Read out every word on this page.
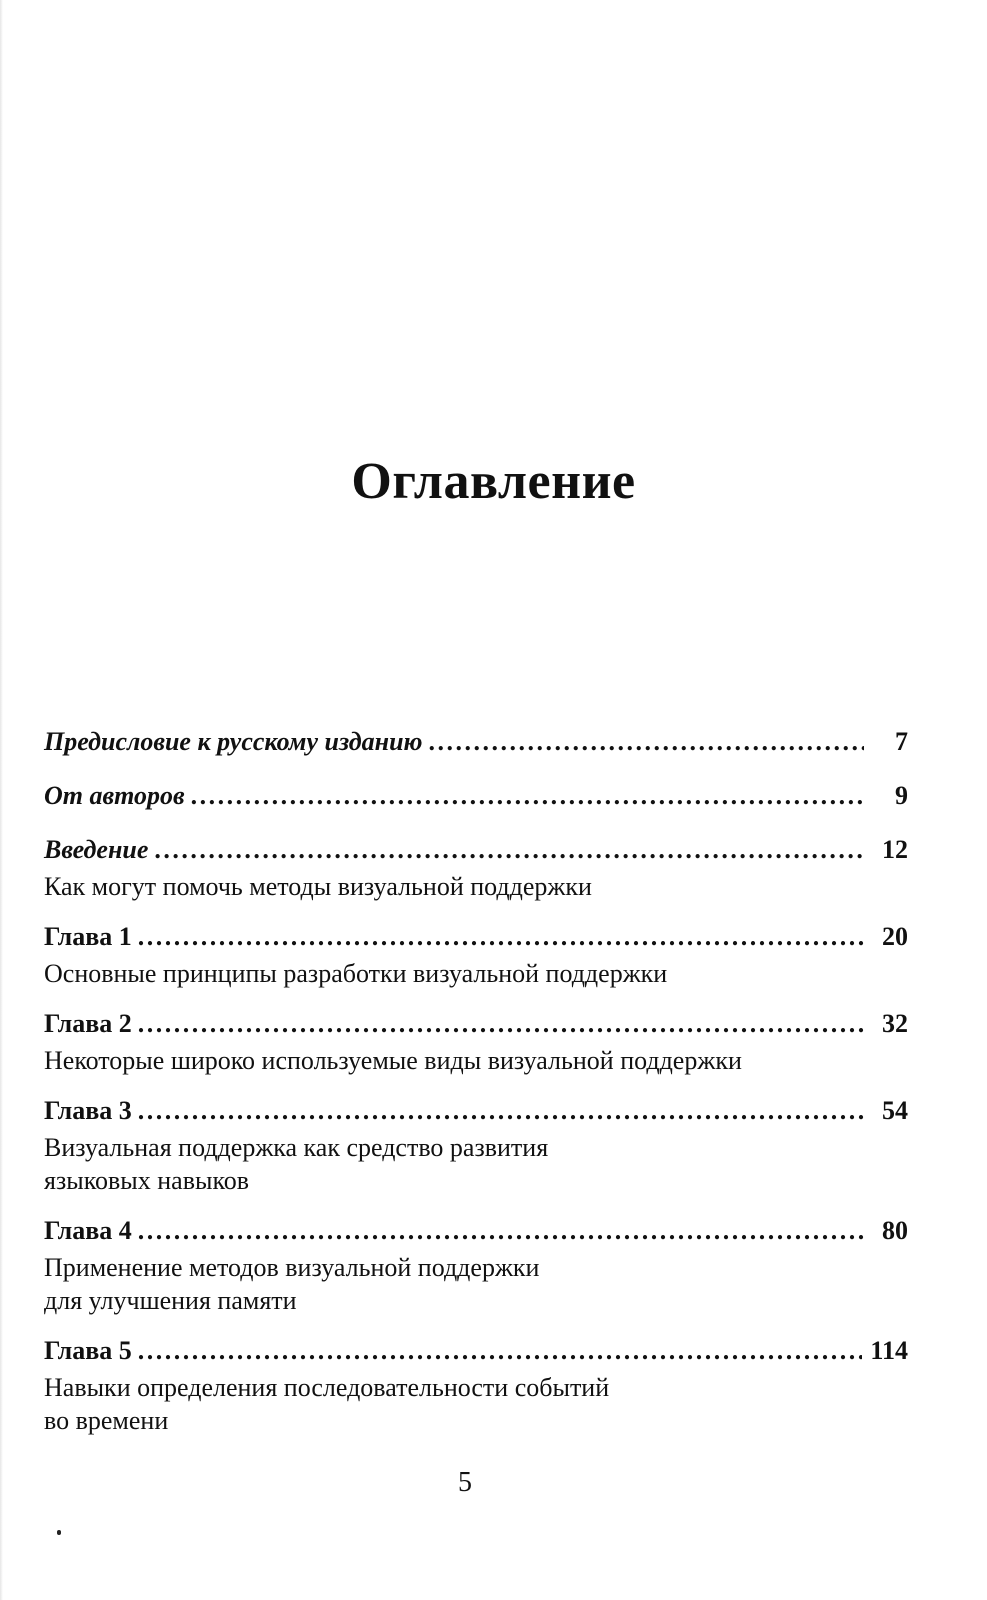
Оглавление
Предисловие к русскому изданию . . .	7
От авторов . . .	9
Введение . . .	12

Как могут помочь методы визуальной поддержки

Глава 1 . . .	20

Основные принципы разработки визуальной поддержки

Глава 2 . . .	32

Некоторые широко используемые виды визуальной поддержки

Глава 3 . . .	54

Визуальная поддержка как средство развития

языковых навыков

Глава 4 . . .	80

Применение методов визуальной поддержки

для улучшения памяти

Глава 5 . . .	114

Навыки определения последовательности событий

во времени

5
